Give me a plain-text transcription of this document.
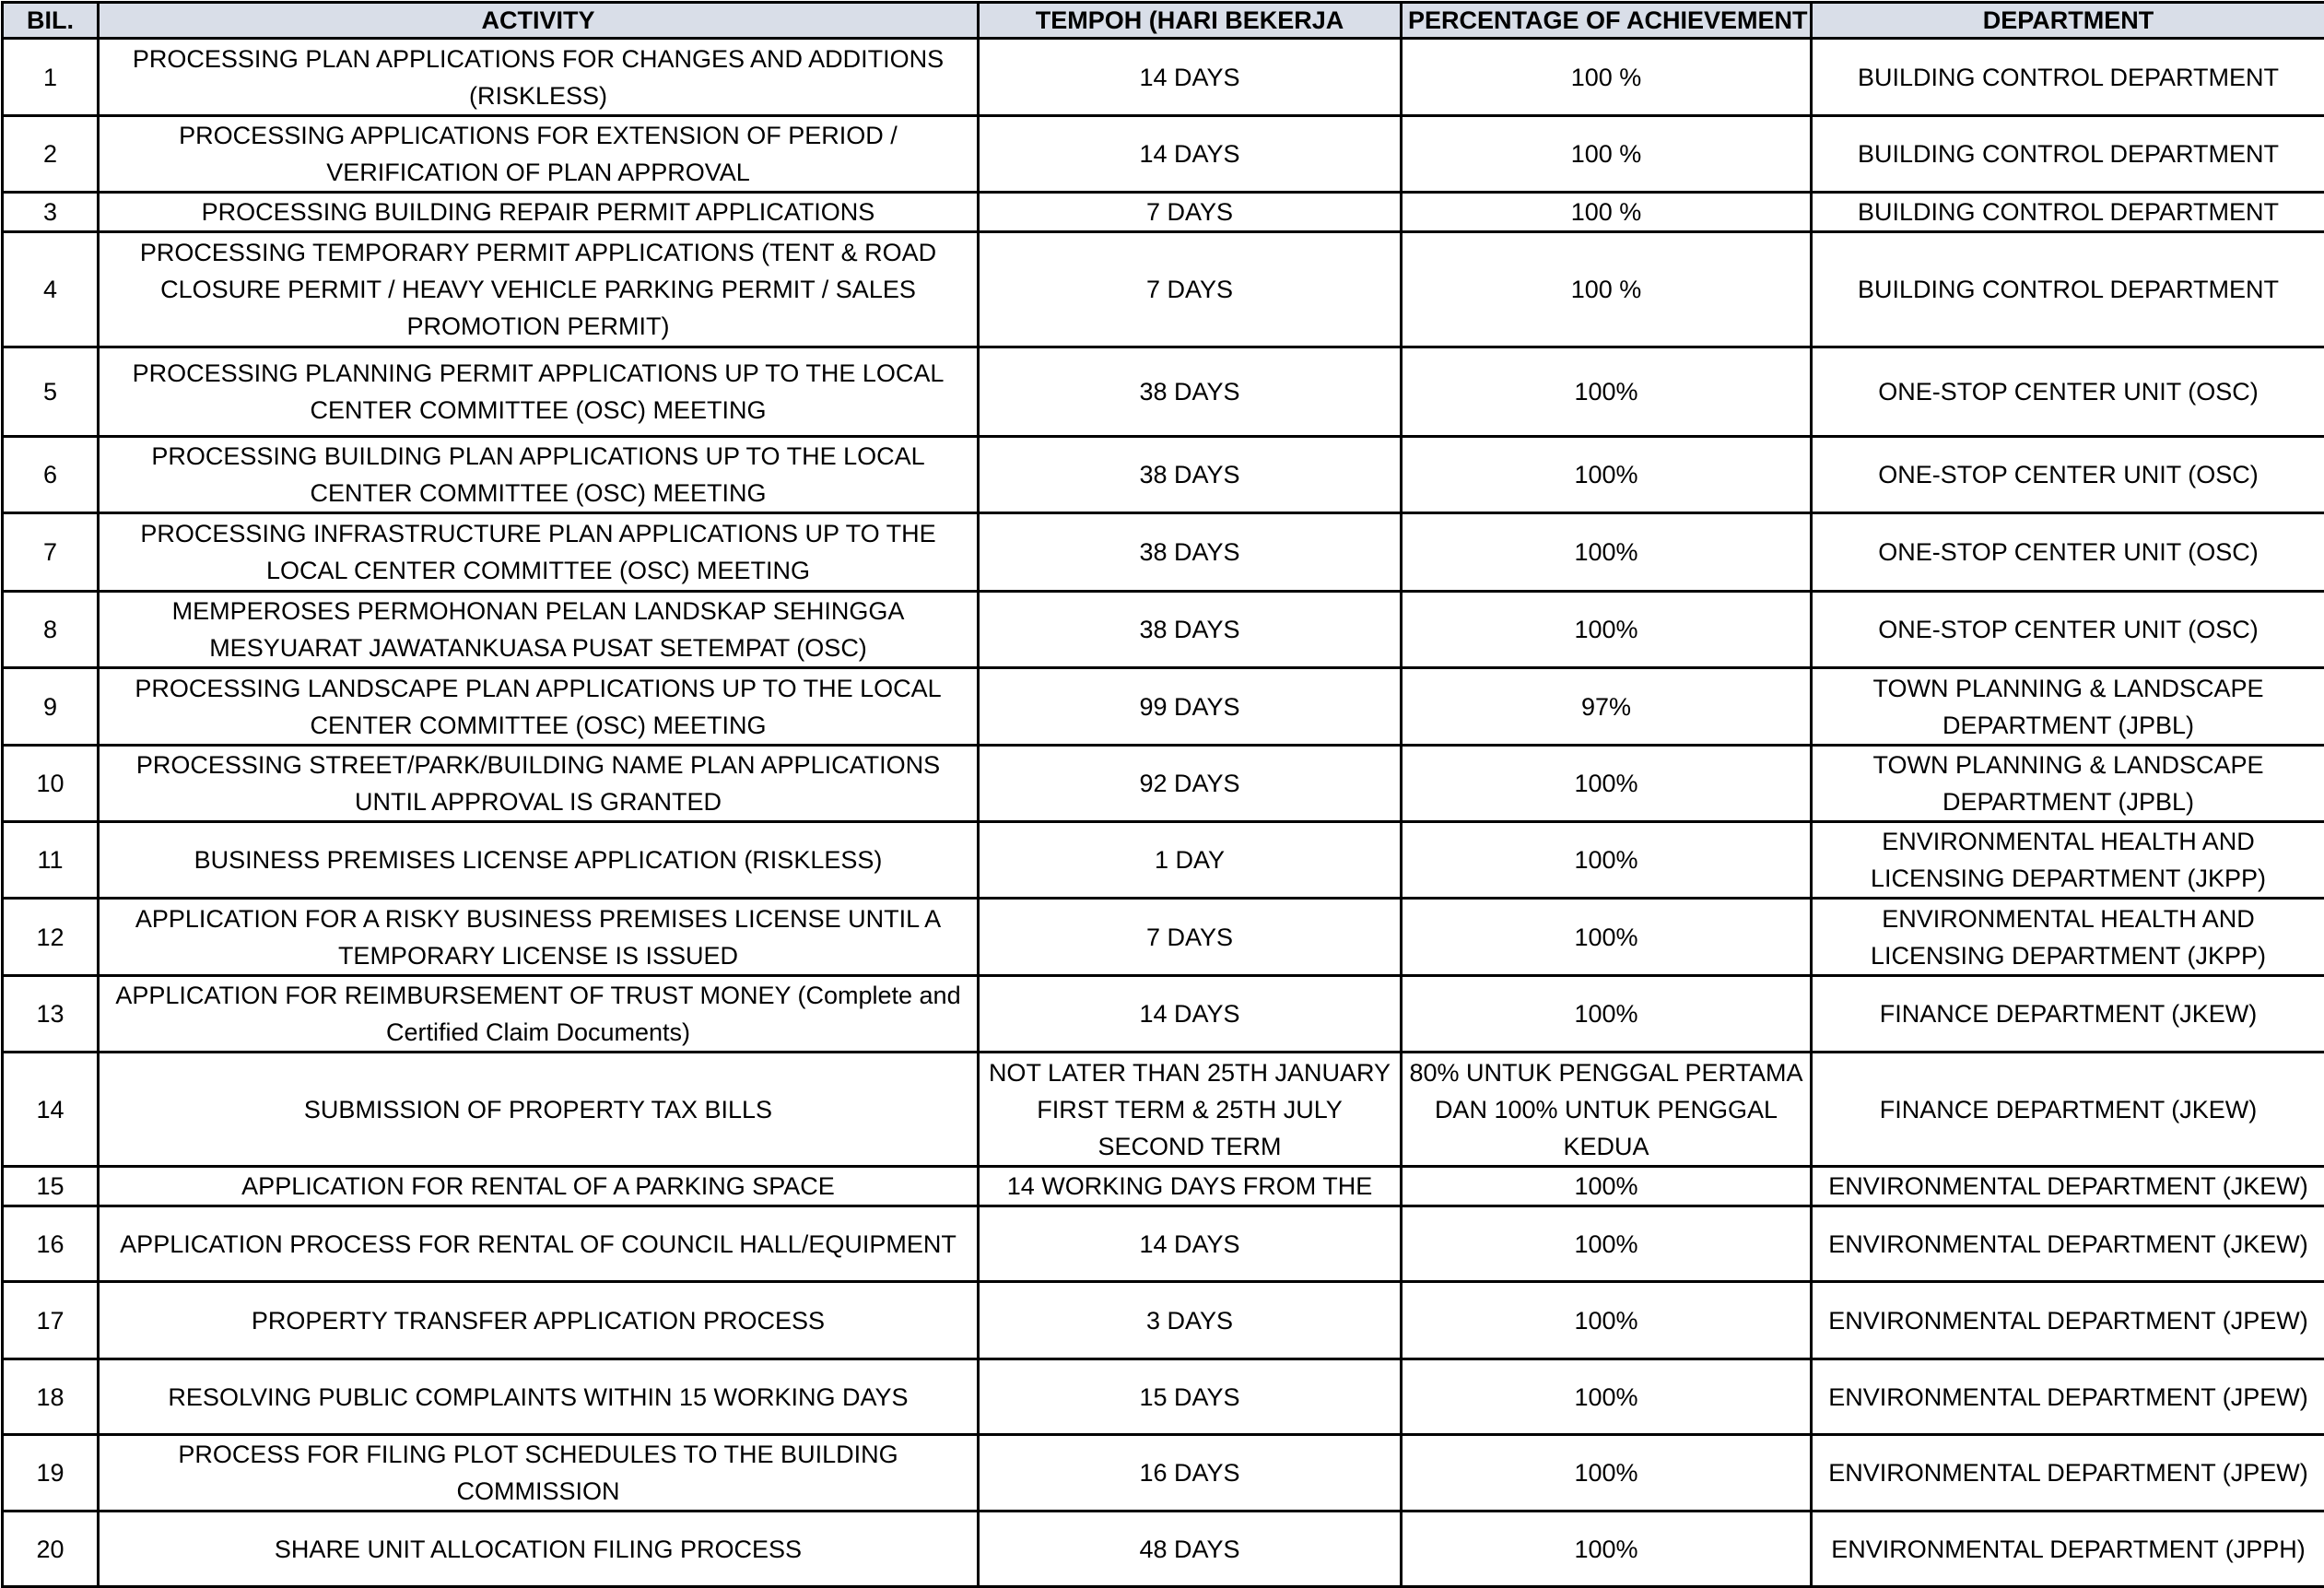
BIL.	ACTIVITY	TEMPOH (HARI BEKERJA	PERCENTAGE OF ACHIEVEMENT	DEPARTMENT
1	PROCESSING PLAN APPLICATIONS FOR CHANGES AND ADDITIONS (RISKLESS)	14 DAYS	100 %	BUILDING CONTROL DEPARTMENT
2	PROCESSING APPLICATIONS FOR EXTENSION OF PERIOD / VERIFICATION OF PLAN APPROVAL	14 DAYS	100 %	BUILDING CONTROL DEPARTMENT
3	PROCESSING BUILDING REPAIR PERMIT APPLICATIONS	7 DAYS	100 %	BUILDING CONTROL DEPARTMENT
4	PROCESSING TEMPORARY PERMIT APPLICATIONS (TENT & ROAD CLOSURE PERMIT / HEAVY VEHICLE PARKING PERMIT / SALES PROMOTION PERMIT)	7 DAYS	100 %	BUILDING CONTROL DEPARTMENT
5	PROCESSING PLANNING PERMIT APPLICATIONS UP TO THE LOCAL CENTER COMMITTEE (OSC) MEETING	38 DAYS	100%	ONE-STOP CENTER UNIT (OSC)
6	PROCESSING BUILDING PLAN APPLICATIONS UP TO THE LOCAL CENTER COMMITTEE (OSC) MEETING	38 DAYS	100%	ONE-STOP CENTER UNIT (OSC)
7	PROCESSING INFRASTRUCTURE PLAN APPLICATIONS UP TO THE LOCAL CENTER COMMITTEE (OSC) MEETING	38 DAYS	100%	ONE-STOP CENTER UNIT (OSC)
8	MEMPEROSES PERMOHONAN PELAN LANDSKAP SEHINGGA MESYUARAT JAWATANKUASA PUSAT SETEMPAT (OSC)	38 DAYS	100%	ONE-STOP CENTER UNIT (OSC)
9	PROCESSING LANDSCAPE PLAN APPLICATIONS UP TO THE LOCAL CENTER COMMITTEE (OSC) MEETING	99 DAYS	97%	TOWN PLANNING & LANDSCAPE DEPARTMENT (JPBL)
10	PROCESSING STREET/PARK/BUILDING NAME PLAN APPLICATIONS UNTIL APPROVAL IS GRANTED	92 DAYS	100%	TOWN PLANNING & LANDSCAPE DEPARTMENT (JPBL)
11	BUSINESS PREMISES LICENSE APPLICATION (RISKLESS)	1 DAY	100%	ENVIRONMENTAL HEALTH AND LICENSING DEPARTMENT (JKPP)
12	APPLICATION FOR A RISKY BUSINESS PREMISES LICENSE UNTIL A TEMPORARY LICENSE IS ISSUED	7 DAYS	100%	ENVIRONMENTAL HEALTH AND LICENSING DEPARTMENT (JKPP)
13	APPLICATION FOR REIMBURSEMENT OF TRUST MONEY (Complete and Certified Claim Documents)	14 DAYS	100%	FINANCE DEPARTMENT (JKEW)
14	SUBMISSION OF PROPERTY TAX BILLS	NOT LATER THAN 25TH JANUARY FIRST TERM & 25TH JULY SECOND TERM	80% UNTUK PENGGAL PERTAMA DAN 100% UNTUK PENGGAL KEDUA	FINANCE DEPARTMENT (JKEW)
15	APPLICATION FOR RENTAL OF A PARKING SPACE	14 WORKING DAYS FROM THE	100%	ENVIRONMENTAL DEPARTMENT (JKEW)
16	APPLICATION PROCESS FOR RENTAL OF COUNCIL HALL/EQUIPMENT	14 DAYS	100%	ENVIRONMENTAL DEPARTMENT (JKEW)
17	PROPERTY TRANSFER APPLICATION PROCESS	3 DAYS	100%	ENVIRONMENTAL DEPARTMENT (JPEW)
18	RESOLVING PUBLIC COMPLAINTS WITHIN 15 WORKING DAYS	15 DAYS	100%	ENVIRONMENTAL DEPARTMENT (JPEW)
19	PROCESS FOR FILING PLOT SCHEDULES TO THE BUILDING COMMISSION	16 DAYS	100%	ENVIRONMENTAL DEPARTMENT (JPEW)
20	SHARE UNIT ALLOCATION FILING PROCESS	48 DAYS	100%	ENVIRONMENTAL DEPARTMENT (JPPH)
